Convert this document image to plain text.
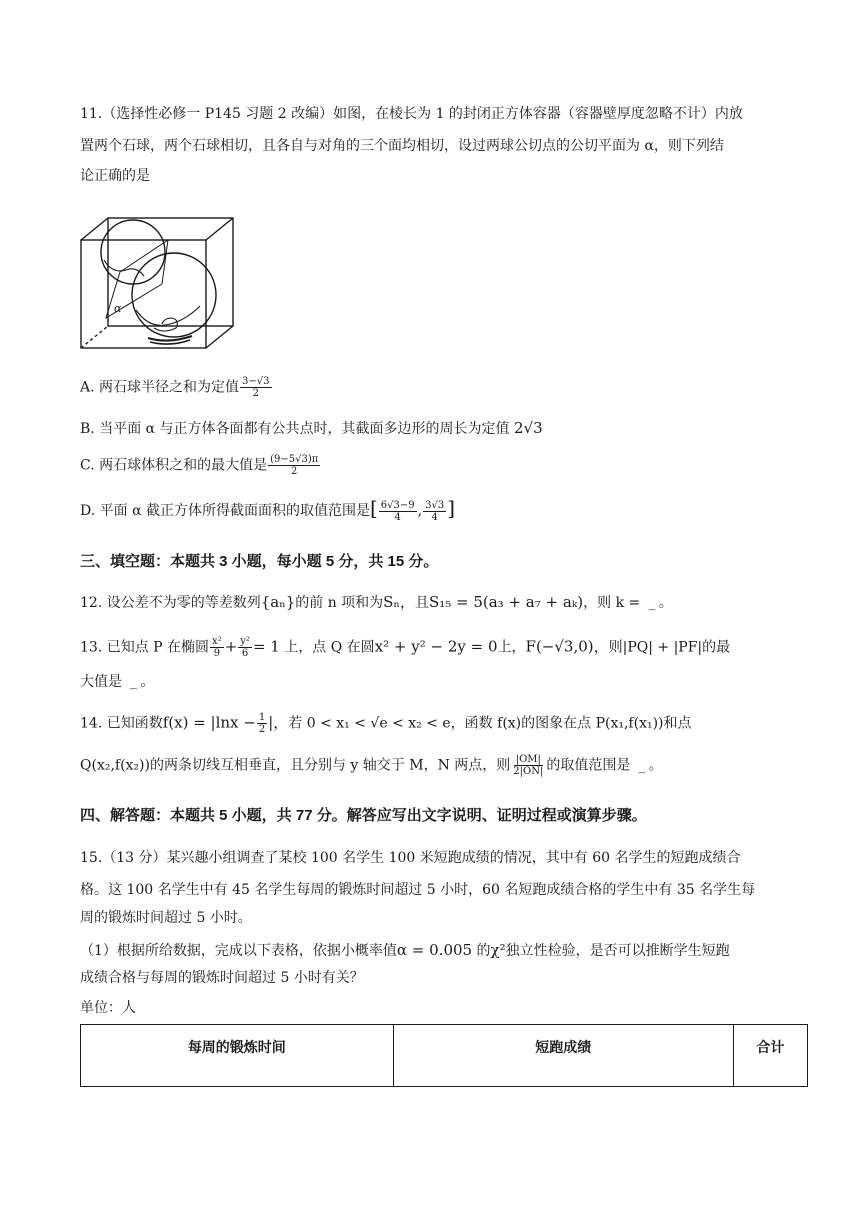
11.（选择性必修一 P145 习题 2 改编）如图，在棱长为 1 的封闭正方体容器（容器壁厚度忽略不计）内放
置两个石球，两个石球相切，且各自与对角的三个面均相切，设过两球公切点的公切平面为 α，则下列结
论正确的是
α
A. 两石球半径之和为定值 $\frac{3-√3}{2}$
B. 当平面 α 与正方体各面都有公共点时，其截面多边形的周长为定值 2√3
C. 两石球体积之和的最大值是 $\frac{(9-5√3)\pi}{2}$
D. 平面 α 截正方体所得截面面积的取值范围是[ $\frac{6√3-9}{4}$ , $\frac{3√3}{4}$ ]
三、填空题：本题共 3 小题，每小题 5 分，共 15 分。
12. 设公差不为零的等差数列{aₙ}的前 n 项和为Sₙ，且S₁₅ = 5(a₃ + a₇ + aₖ)，则 k = _ 。
13. 已知点 P 在椭圆 $\frac{\text{x²}}{9} + \frac{\text{y²}}{6} = 1$ 上，点 Q 在圆x² + y² − 2y = 0上，F(−√3,0)，则|PQ| + |PF|的最
大值是 _ 。
14. 已知函数$f(x) = |\ln x - \frac{1}{2}$ |，若 0 < x₁ < √e < x₂ < e，函数 f(x)的图象在点 P(x₁,f(x₁))和点
Q(x₂,f(x₂))的两条切线互相垂直，且分别与 y 轴交于 M，N 两点，则 $\frac{|OM|}{2|ON|}$ 的取值范围是 _ 。
四、解答题：本题共 5 小题，共 77 分。解答应写出文字说明、证明过程或演算步骤。
15.（13 分）某兴趣小组调查了某校 100 名学生 100 米短跑成绩的情况，其中有 60 名学生的短跑成绩合
格。这 100 名学生中有 45 名学生每周的锻炼时间超过 5 小时，60 名短跑成绩合格的学生中有 35 名学生每
周的锻炼时间超过 5 小时。
（1）根据所给数据，完成以下表格，依据小概率值α = 0.005 的χ²独立性检验，是否可以推断学生短跑
成绩合格与每周的锻炼时间超过 5 小时有关？
单位：人
每周的锻炼时间	短跑成绩	合计
